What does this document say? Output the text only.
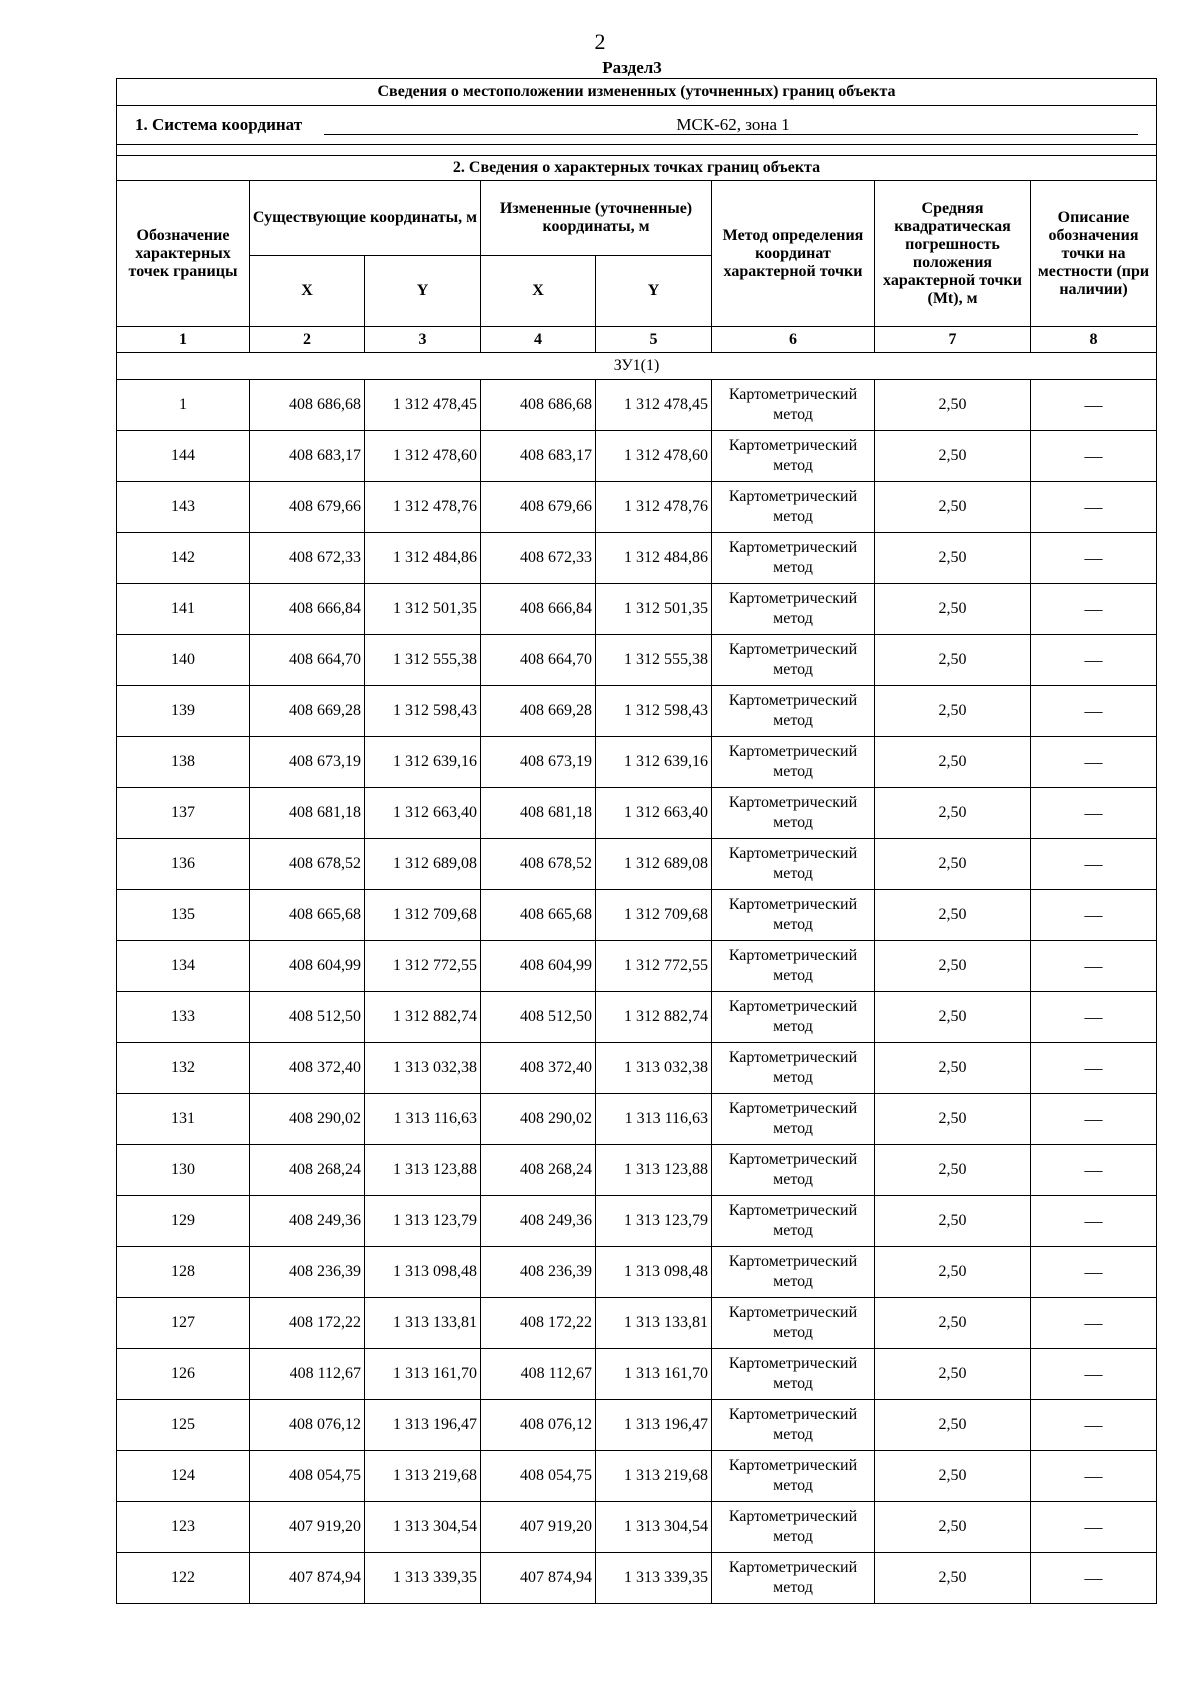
2
Раздел3
Сведения о местоположении измененных (уточненных) границ объекта							
1. Система координат МСК-62, зона 1							

2. Сведения о характерных точках границ объекта							
Обозначение характерных точек границы	Существующие координаты, м		Измененные (уточненные) координаты, м		Метод определения координат характерной точки	Средняя квадратическая погрешность положения характерной точки (Mt), м	Описание обозначения точки на местности (при наличии)
	X	Y	X	Y			
1	2	3	4	5	6	7	8
ЗУ1(1)							
1	408 686,68	1 312 478,45	408 686,68	1 312 478,45	Картометрический метод	2,50	—
144	408 683,17	1 312 478,60	408 683,17	1 312 478,60	Картометрический метод	2,50	—
143	408 679,66	1 312 478,76	408 679,66	1 312 478,76	Картометрический метод	2,50	—
142	408 672,33	1 312 484,86	408 672,33	1 312 484,86	Картометрический метод	2,50	—
141	408 666,84	1 312 501,35	408 666,84	1 312 501,35	Картометрический метод	2,50	—
140	408 664,70	1 312 555,38	408 664,70	1 312 555,38	Картометрический метод	2,50	—
139	408 669,28	1 312 598,43	408 669,28	1 312 598,43	Картометрический метод	2,50	—
138	408 673,19	1 312 639,16	408 673,19	1 312 639,16	Картометрический метод	2,50	—
137	408 681,18	1 312 663,40	408 681,18	1 312 663,40	Картометрический метод	2,50	—
136	408 678,52	1 312 689,08	408 678,52	1 312 689,08	Картометрический метод	2,50	—
135	408 665,68	1 312 709,68	408 665,68	1 312 709,68	Картометрический метод	2,50	—
134	408 604,99	1 312 772,55	408 604,99	1 312 772,55	Картометрический метод	2,50	—
133	408 512,50	1 312 882,74	408 512,50	1 312 882,74	Картометрический метод	2,50	—
132	408 372,40	1 313 032,38	408 372,40	1 313 032,38	Картометрический метод	2,50	—
131	408 290,02	1 313 116,63	408 290,02	1 313 116,63	Картометрический метод	2,50	—
130	408 268,24	1 313 123,88	408 268,24	1 313 123,88	Картометрический метод	2,50	—
129	408 249,36	1 313 123,79	408 249,36	1 313 123,79	Картометрический метод	2,50	—
128	408 236,39	1 313 098,48	408 236,39	1 313 098,48	Картометрический метод	2,50	—
127	408 172,22	1 313 133,81	408 172,22	1 313 133,81	Картометрический метод	2,50	—
126	408 112,67	1 313 161,70	408 112,67	1 313 161,70	Картометрический метод	2,50	—
125	408 076,12	1 313 196,47	408 076,12	1 313 196,47	Картометрический метод	2,50	—
124	408 054,75	1 313 219,68	408 054,75	1 313 219,68	Картометрический метод	2,50	—
123	407 919,20	1 313 304,54	407 919,20	1 313 304,54	Картометрический метод	2,50	—
122	407 874,94	1 313 339,35	407 874,94	1 313 339,35	Картометрический метод	2,50	—
